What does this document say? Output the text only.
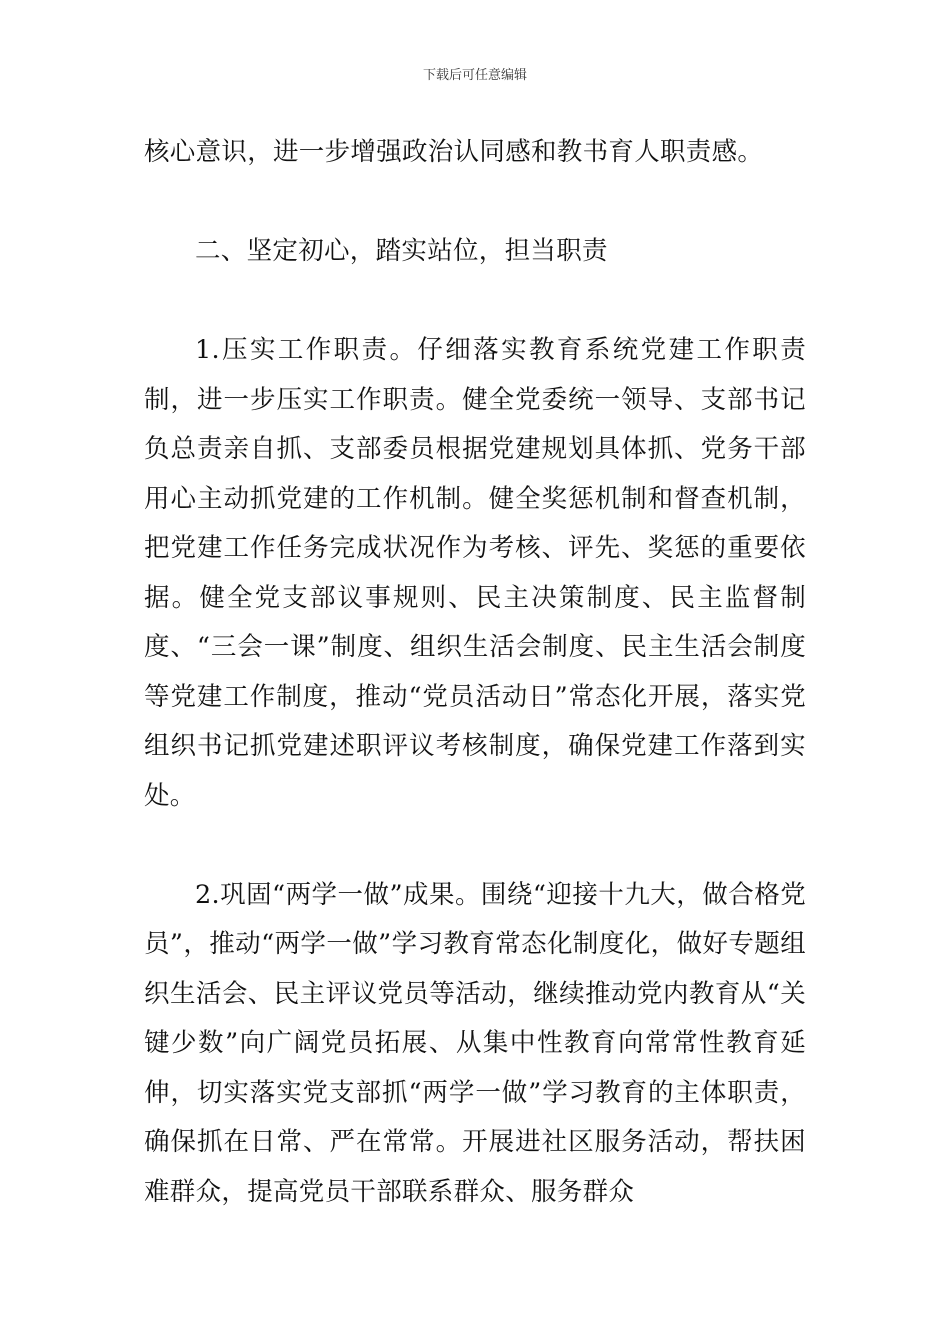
下载后可任意编辑

核心意识，进一步增强政治认同感和教书育人职责感。

二、坚定初心，踏实站位，担当职责

1.压实工作职责。仔细落实教育系统党建工作职责制，进一步压实工作职责。健全党委统一领导、支部书记负总责亲自抓、支部委员根据党建规划具体抓、党务干部用心主动抓党建的工作机制。健全奖惩机制和督查机制，把党建工作任务完成状况作为考核、评先、奖惩的重要依据。健全党支部议事规则、民主决策制度、民主监督制度、“三会一课”制度、组织生活会制度、民主生活会制度等党建工作制度，推动“党员活动日”常态化开展，落实党组织书记抓党建述职评议考核制度，确保党建工作落到实处。

2.巩固“两学一做”成果。围绕“迎接十九大，做合格党员”，推动“两学一做”学习教育常态化制度化，做好专题组织生活会、民主评议党员等活动，继续推动党内教育从“关键少数”向广阔党员拓展、从集中性教育向常常性教育延伸，切实落实党支部抓“两学一做”学习教育的主体职责，确保抓在日常、严在常常。开展进社区服务活动，帮扶困难群众，提高党员干部联系群众、服务群众
